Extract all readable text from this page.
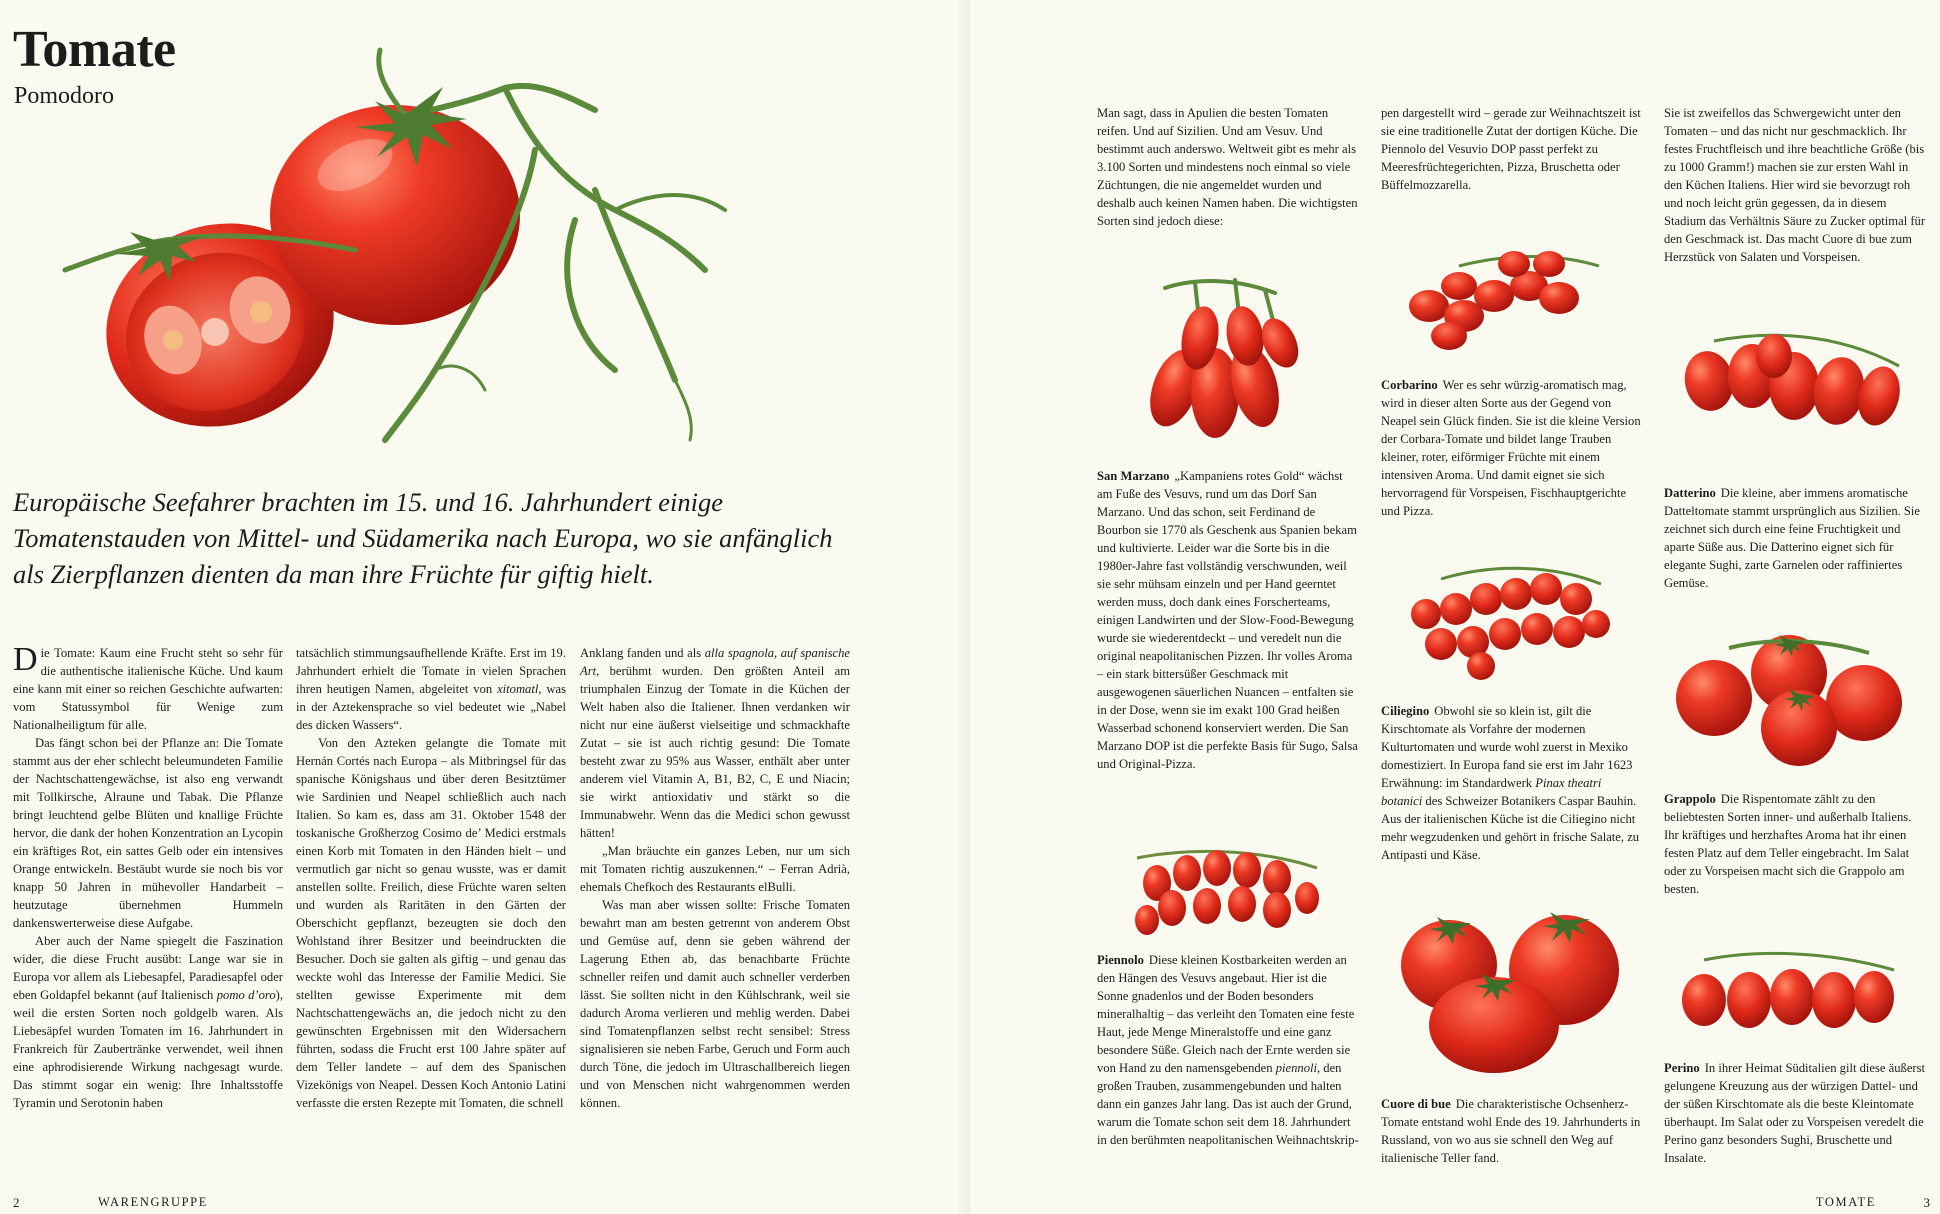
Tomate
Pomodoro

Europäische Seefahrer brachten im 15. und 16. Jahrhundert einige Tomatenstauden von Mittel- und Südamerika nach Europa, wo sie anfänglich als Zierpflanzen dienten da man ihre Früchte für giftig hielt.

Die Tomate: Kaum eine Frucht steht so sehr für die authentische italienische Küche. Und kaum eine kann mit einer so reichen Geschichte aufwarten: vom Statussymbol für Wenige zum Nationalheiligtum für alle.

Das fängt schon bei der Pflanze an: Die Tomate stammt aus der eher schlecht beleumundeten Familie der Nachtschattengewächse, ist also eng verwandt mit Tollkirsche, Alraune und Tabak. Die Pflanze bringt leuchtend gelbe Blüten und knallige Früchte hervor, die dank der hohen Konzentration an Lycopin ein kräftiges Rot, ein sattes Gelb oder ein intensives Orange entwickeln. Bestäubt wurde sie noch bis vor knapp 50 Jahren in mühevoller Handarbeit – heutzutage übernehmen Hummeln dankenswerterweise diese Aufgabe.

Aber auch der Name spiegelt die Faszination wider, die diese Frucht ausübt: Lange war sie in Europa vor allem als Liebesapfel, Paradiesapfel oder eben Goldapfel bekannt (auf Italienisch pomo d’oro), weil die ersten Sorten noch goldgelb waren. Als Liebesäpfel wurden Tomaten im 16. Jahrhundert in Frankreich für Zaubertränke verwendet, weil ihnen eine aphrodisierende Wirkung nachgesagt wurde. Das stimmt sogar ein wenig: Ihre Inhaltsstoffe Tyramin und Serotonin haben

tatsächlich stimmungsaufhellende Kräfte. Erst im 19. Jahrhundert erhielt die Tomate in vielen Sprachen ihren heutigen Namen, abgeleitet von xitomatl, was in der Aztekensprache so viel bedeutet wie „Nabel des dicken Wassers“.

Von den Azteken gelangte die Tomate mit Hernán Cortés nach Europa – als Mitbringsel für das spanische Königshaus und über deren Besitztümer wie Sardinien und Neapel schließlich auch nach Italien. So kam es, dass am 31. Oktober 1548 der toskanische Großherzog Cosimo de’ Medici erstmals einen Korb mit Tomaten in den Händen hielt – und vermutlich gar nicht so genau wusste, was er damit anstellen sollte. Freilich, diese Früchte waren selten und wurden als Raritäten in den Gärten der Oberschicht gepflanzt, bezeugten sie doch den Wohlstand ihrer Besitzer und beeindruckten die Besucher. Doch sie galten als giftig – und genau das weckte wohl das Interesse der Familie Medici. Sie stellten gewisse Experimente mit dem Nachtschattengewächs an, die jedoch nicht zu den gewünschten Ergebnissen mit den Widersachern führten, sodass die Frucht erst 100 Jahre später auf dem Teller landete – auf dem des Spanischen Vizekönigs von Neapel. Dessen Koch Antonio Latini verfasste die ersten Rezepte mit Tomaten, die schnell

Anklang fanden und als alla spagnola, auf spanische Art, berühmt wurden. Den größten Anteil am triumphalen Einzug der Tomate in die Küchen der Welt haben also die Italiener. Ihnen verdanken wir nicht nur eine äußerst vielseitige und schmackhafte Zutat – sie ist auch richtig gesund: Die Tomate besteht zwar zu 95% aus Wasser, enthält aber unter anderem viel Vitamin A, B1, B2, C, E und Niacin; sie wirkt antioxidativ und stärkt so die Immunabwehr. Wenn das die Medici schon gewusst hätten!

„Man bräuchte ein ganzes Leben, nur um sich mit Tomaten richtig auszukennen.“ – Ferran Adrià, ehemals Chefkoch des Restaurants elBulli.

Was man aber wissen sollte: Frische Tomaten bewahrt man am besten getrennt von anderem Obst und Gemüse auf, denn sie geben während der Lagerung Ethen ab, das benachbarte Früchte schneller reifen und damit auch schneller verderben lässt. Sie sollten nicht in den Kühlschrank, weil sie dadurch Aroma verlieren und mehlig werden. Dabei sind Tomatenpflanzen selbst recht sensibel: Stress signalisieren sie neben Farbe, Geruch und Form auch durch Töne, die jedoch im Ultraschallbereich liegen und von Menschen nicht wahrgenommen werden können.

2	WARENGRUPPE

Man sagt, dass in Apulien die besten Tomaten reifen. Und auf Sizilien. Und am Vesuv. Und bestimmt auch anderswo. Weltweit gibt es mehr als 3.100 Sorten und mindestens noch einmal so viele Züchtungen, die nie angemeldet wurden und deshalb auch keinen Namen haben. Die wichtigsten Sorten sind jedoch diese:

San Marzano „Kampaniens rotes Gold“ wächst am Fuße des Vesuvs, rund um das Dorf San Marzano. Und das schon, seit Ferdinand de Bourbon sie 1770 als Geschenk aus Spanien bekam und kultivierte. Leider war die Sorte bis in die 1980er-Jahre fast vollständig verschwunden, weil sie sehr mühsam einzeln und per Hand geerntet werden muss, doch dank eines Forscherteams, einigen Landwirten und der Slow-Food-Bewegung wurde sie wiederentdeckt – und veredelt nun die original neapolitanischen Pizzen. Ihr volles Aroma – ein stark bittersüßer Geschmack mit ausgewogenen säuerlichen Nuancen – entfalten sie in der Dose, wenn sie im exakt 100 Grad heißen Wasserbad schonend konserviert werden. Die San Marzano DOP ist die perfekte Basis für Sugo, Salsa und Original-Pizza.

Piennolo Diese kleinen Kostbarkeiten werden an den Hängen des Vesuvs angebaut. Hier ist die Sonne gnadenlos und der Boden besonders mineralhaltig – das verleiht den Tomaten eine feste Haut, jede Menge Mineralstoffe und eine ganz besondere Süße. Gleich nach der Ernte werden sie von Hand zu den namensgebenden piennoli, den großen Trauben, zusammengebunden und halten dann ein ganzes Jahr lang. Das ist auch der Grund, warum die Tomate schon seit dem 18. Jahrhundert in den berühmten neapolitanischen Weihnachtskrip-

pen dargestellt wird – gerade zur Weihnachtszeit ist sie eine traditionelle Zutat der dortigen Küche. Die Piennolo del Vesuvio DOP passt perfekt zu Meeresfrüchtegerichten, Pizza, Bruschetta oder Büffelmozzarella.

Corbarino Wer es sehr würzig-aromatisch mag, wird in dieser alten Sorte aus der Gegend von Neapel sein Glück finden. Sie ist die kleine Version der Corbara-Tomate und bildet lange Trauben kleiner, roter, eiförmiger Früchte mit einem intensiven Aroma. Und damit eignet sie sich hervorragend für Vorspeisen, Fischhauptgerichte und Pizza.

Ciliegino Obwohl sie so klein ist, gilt die Kirschtomate als Vorfahre der modernen Kulturtomaten und wurde wohl zuerst in Mexiko domestiziert. In Europa fand sie erst im Jahr 1623 Erwähnung: im Standardwerk Pinax theatri botanici des Schweizer Botanikers Caspar Bauhin. Aus der italienischen Küche ist die Ciliegino nicht mehr wegzudenken und gehört in frische Salate, zu Antipasti und Käse.

Cuore di bue Die charakteristische Ochsenherz-Tomate entstand wohl Ende des 19. Jahrhunderts in Russland, von wo aus sie schnell den Weg auf italienische Teller fand.

Sie ist zweifellos das Schwergewicht unter den Tomaten – und das nicht nur geschmacklich. Ihr festes Fruchtfleisch und ihre beachtliche Größe (bis zu 1000 Gramm!) machen sie zur ersten Wahl in den Küchen Italiens. Hier wird sie bevorzugt roh und noch leicht grün gegessen, da in diesem Stadium das Verhältnis Säure zu Zucker optimal für den Geschmack ist. Das macht Cuore di bue zum Herzstück von Salaten und Vorspeisen.

Datterino Die kleine, aber immens aromatische Datteltomate stammt ursprünglich aus Sizilien. Sie zeichnet sich durch eine feine Fruchtigkeit und aparte Süße aus. Die Datterino eignet sich für elegante Sughi, zarte Garnelen oder raffiniertes Gemüse.

Grappolo Die Rispentomate zählt zu den beliebtesten Sorten inner- und außerhalb Italiens. Ihr kräftiges und herzhaftes Aroma hat ihr einen festen Platz auf dem Teller eingebracht. Im Salat oder zu Vorspeisen macht sich die Grappolo am besten.

Perino In ihrer Heimat Süditalien gilt diese äußerst gelungene Kreuzung aus der würzigen Dattel- und der süßen Kirschtomate als die beste Kleintomate überhaupt. Im Salat oder zu Vorspeisen veredelt die Perino ganz besonders Sughi, Bruschette und Insalate.

TOMATE	3
